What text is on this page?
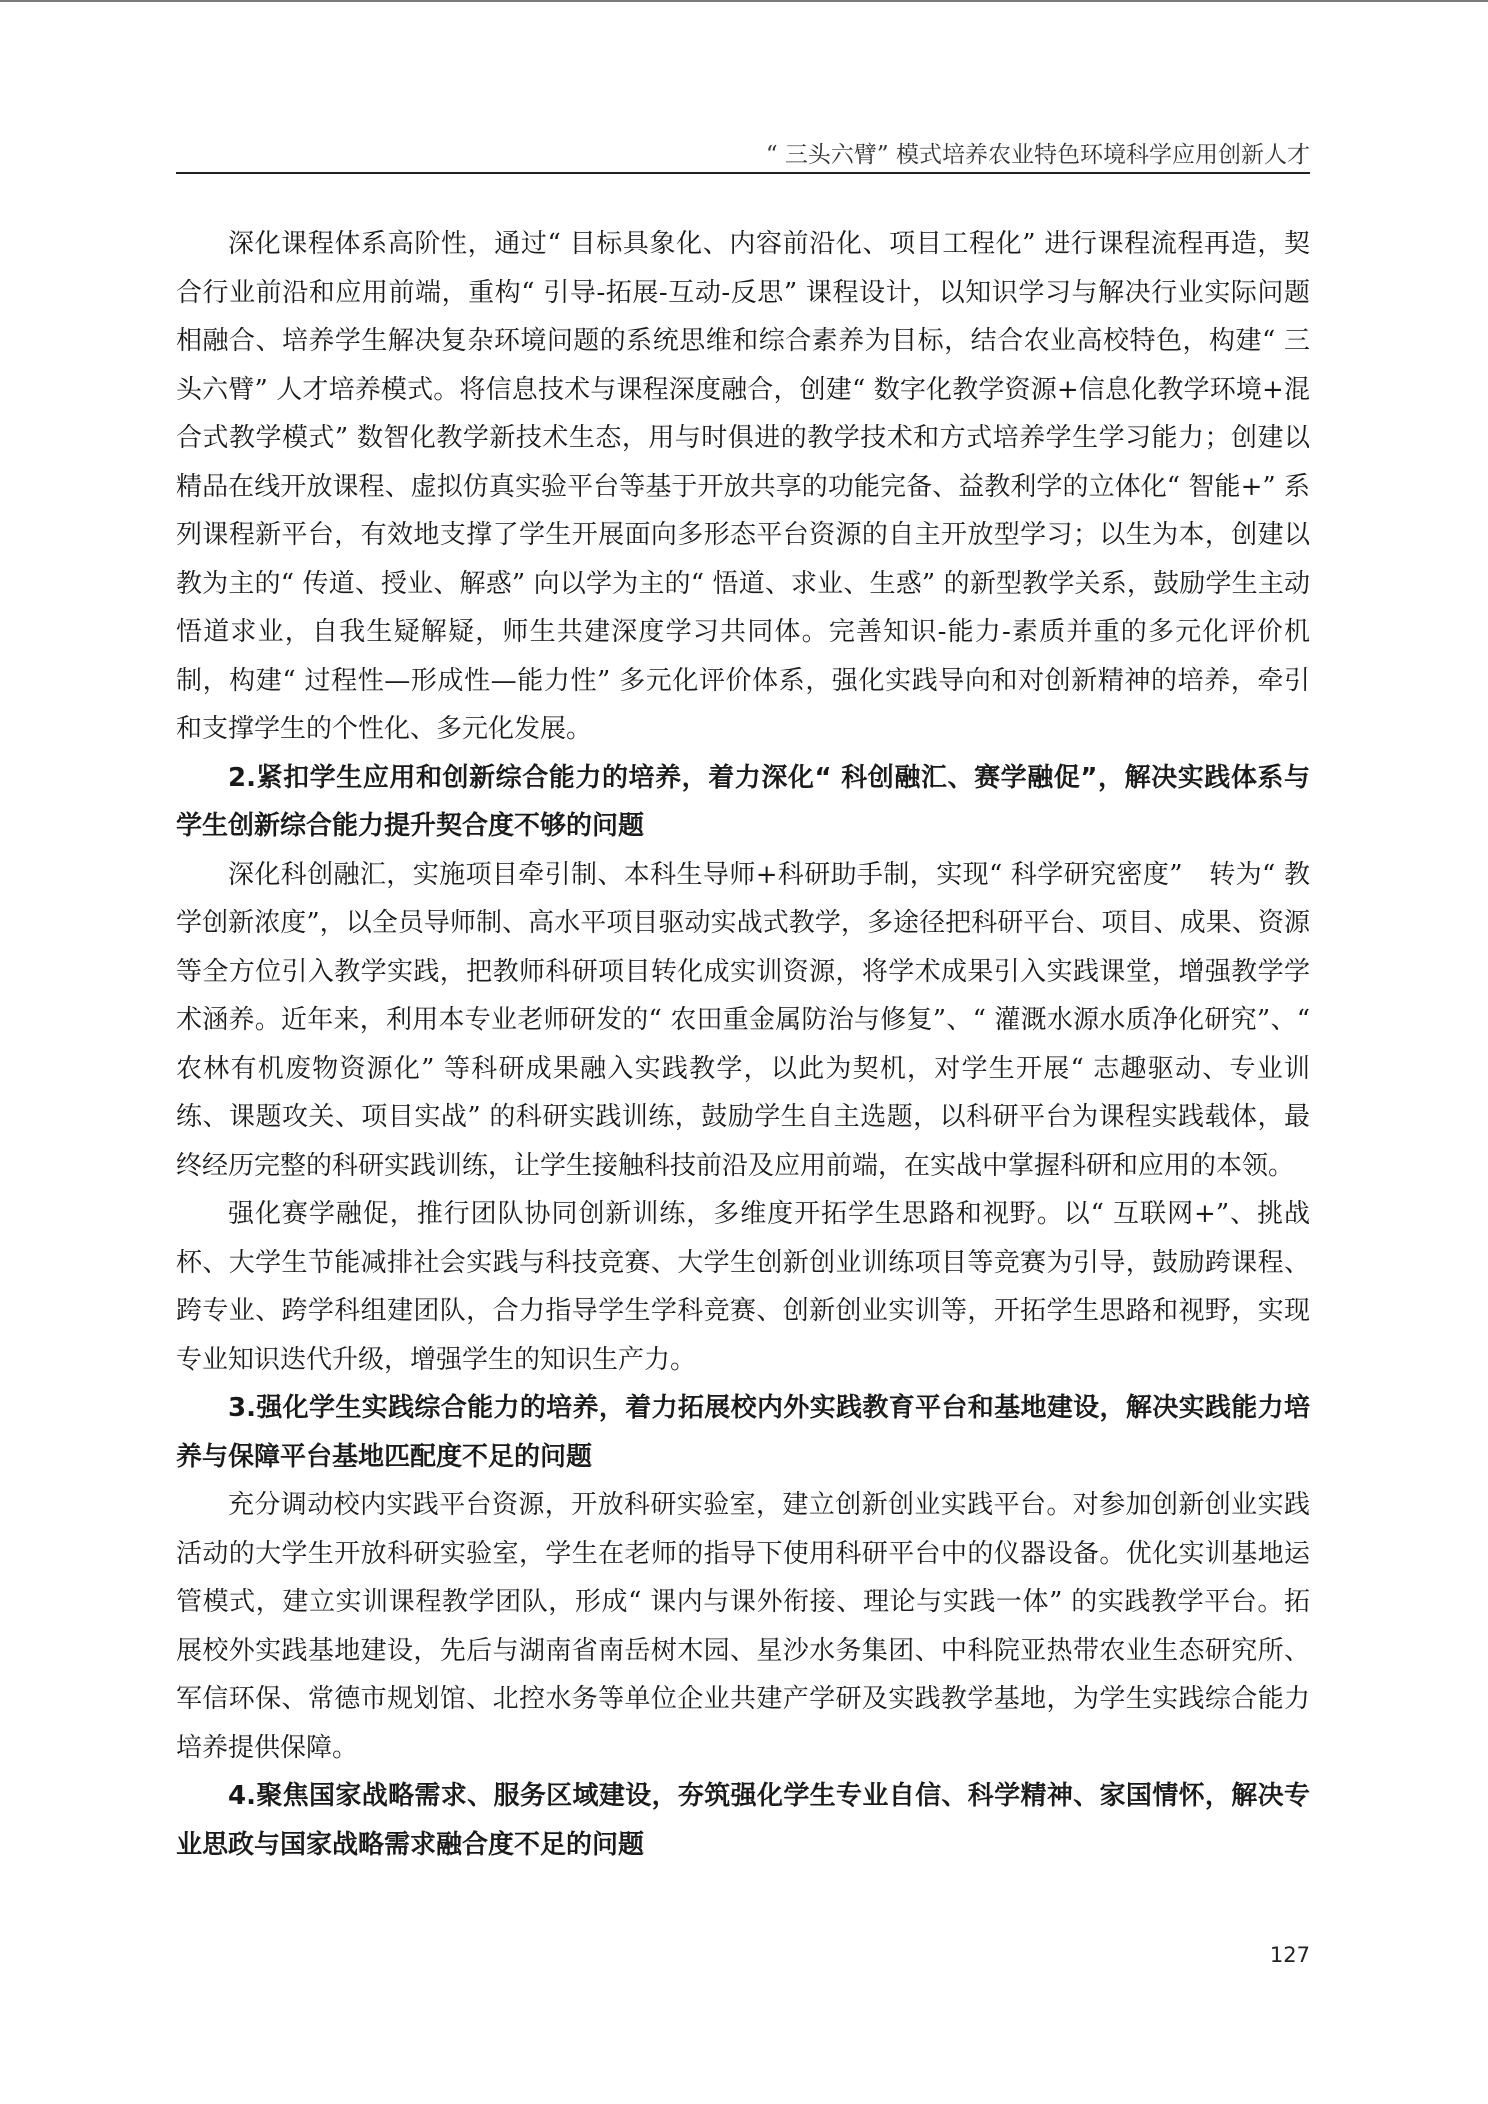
“ 三头六臂” 模式培养农业特色环境科学应用创新人才

深化课程体系高阶性，通过“ 目标具象化、内容前沿化、项目工程化” 进行课程流程再造，契合行业前沿和应用前端，重构“ 引导-拓展-互动-反思” 课程设计，以知识学习与解决行业实际问题相融合、培养学生解决复杂环境问题的系统思维和综合素养为目标，结合农业高校特色，构建“ 三头六臂” 人才培养模式。将信息技术与课程深度融合，创建“ 数字化教学资源+信息化教学环境+混合式教学模式” 数智化教学新技术生态，用与时俱进的教学技术和方式培养学生学习能力；创建以精品在线开放课程、虚拟仿真实验平台等基于开放共享的功能完备、益教利学的立体化“ 智能+” 系列课程新平台，有效地支撑了学生开展面向多形态平台资源的自主开放型学习；以生为本，创建以教为主的“ 传道、授业、解惑” 向以学为主的“ 悟道、求业、生惑” 的新型教学关系，鼓励学生主动悟道求业，自我生疑解疑，师生共建深度学习共同体。完善知识-能力-素质并重的多元化评价机制，构建“ 过程性—形成性—能力性” 多元化评价体系，强化实践导向和对创新精神的培养，牵引和支撑学生的个性化、多元化发展。

2.紧扣学生应用和创新综合能力的培养，着力深化“ 科创融汇、赛学融促”，解决实践体系与学生创新综合能力提升契合度不够的问题

深化科创融汇，实施项目牵引制、本科生导师+科研助手制，实现“ 科学研究密度”　转为“ 教学创新浓度”，以全员导师制、高水平项目驱动实战式教学，多途径把科研平台、项目、成果、资源等全方位引入教学实践，把教师科研项目转化成实训资源，将学术成果引入实践课堂，增强教学学术涵养。近年来，利用本专业老师研发的“ 农田重金属防治与修复”、“ 灌溉水源水质净化研究”、“ 农林有机废物资源化” 等科研成果融入实践教学，以此为契机，对学生开展“ 志趣驱动、专业训练、课题攻关、项目实战” 的科研实践训练，鼓励学生自主选题，以科研平台为课程实践载体，最终经历完整的科研实践训练，让学生接触科技前沿及应用前端，在实战中掌握科研和应用的本领。

强化赛学融促，推行团队协同创新训练，多维度开拓学生思路和视野。以“ 互联网+”、挑战杯、大学生节能减排社会实践与科技竞赛、大学生创新创业训练项目等竞赛为引导，鼓励跨课程、跨专业、跨学科组建团队，合力指导学生学科竞赛、创新创业实训等，开拓学生思路和视野，实现专业知识迭代升级，增强学生的知识生产力。

3.强化学生实践综合能力的培养，着力拓展校内外实践教育平台和基地建设，解决实践能力培养与保障平台基地匹配度不足的问题

充分调动校内实践平台资源，开放科研实验室，建立创新创业实践平台。对参加创新创业实践活动的大学生开放科研实验室，学生在老师的指导下使用科研平台中的仪器设备。优化实训基地运管模式，建立实训课程教学团队，形成“ 课内与课外衔接、理论与实践一体” 的实践教学平台。拓展校外实践基地建设，先后与湖南省南岳树木园、星沙水务集团、中科院亚热带农业生态研究所、军信环保、常德市规划馆、北控水务等单位企业共建产学研及实践教学基地，为学生实践综合能力培养提供保障。

4.聚焦国家战略需求、服务区域建设，夯筑强化学生专业自信、科学精神、家国情怀，解决专业思政与国家战略需求融合度不足的问题

127
